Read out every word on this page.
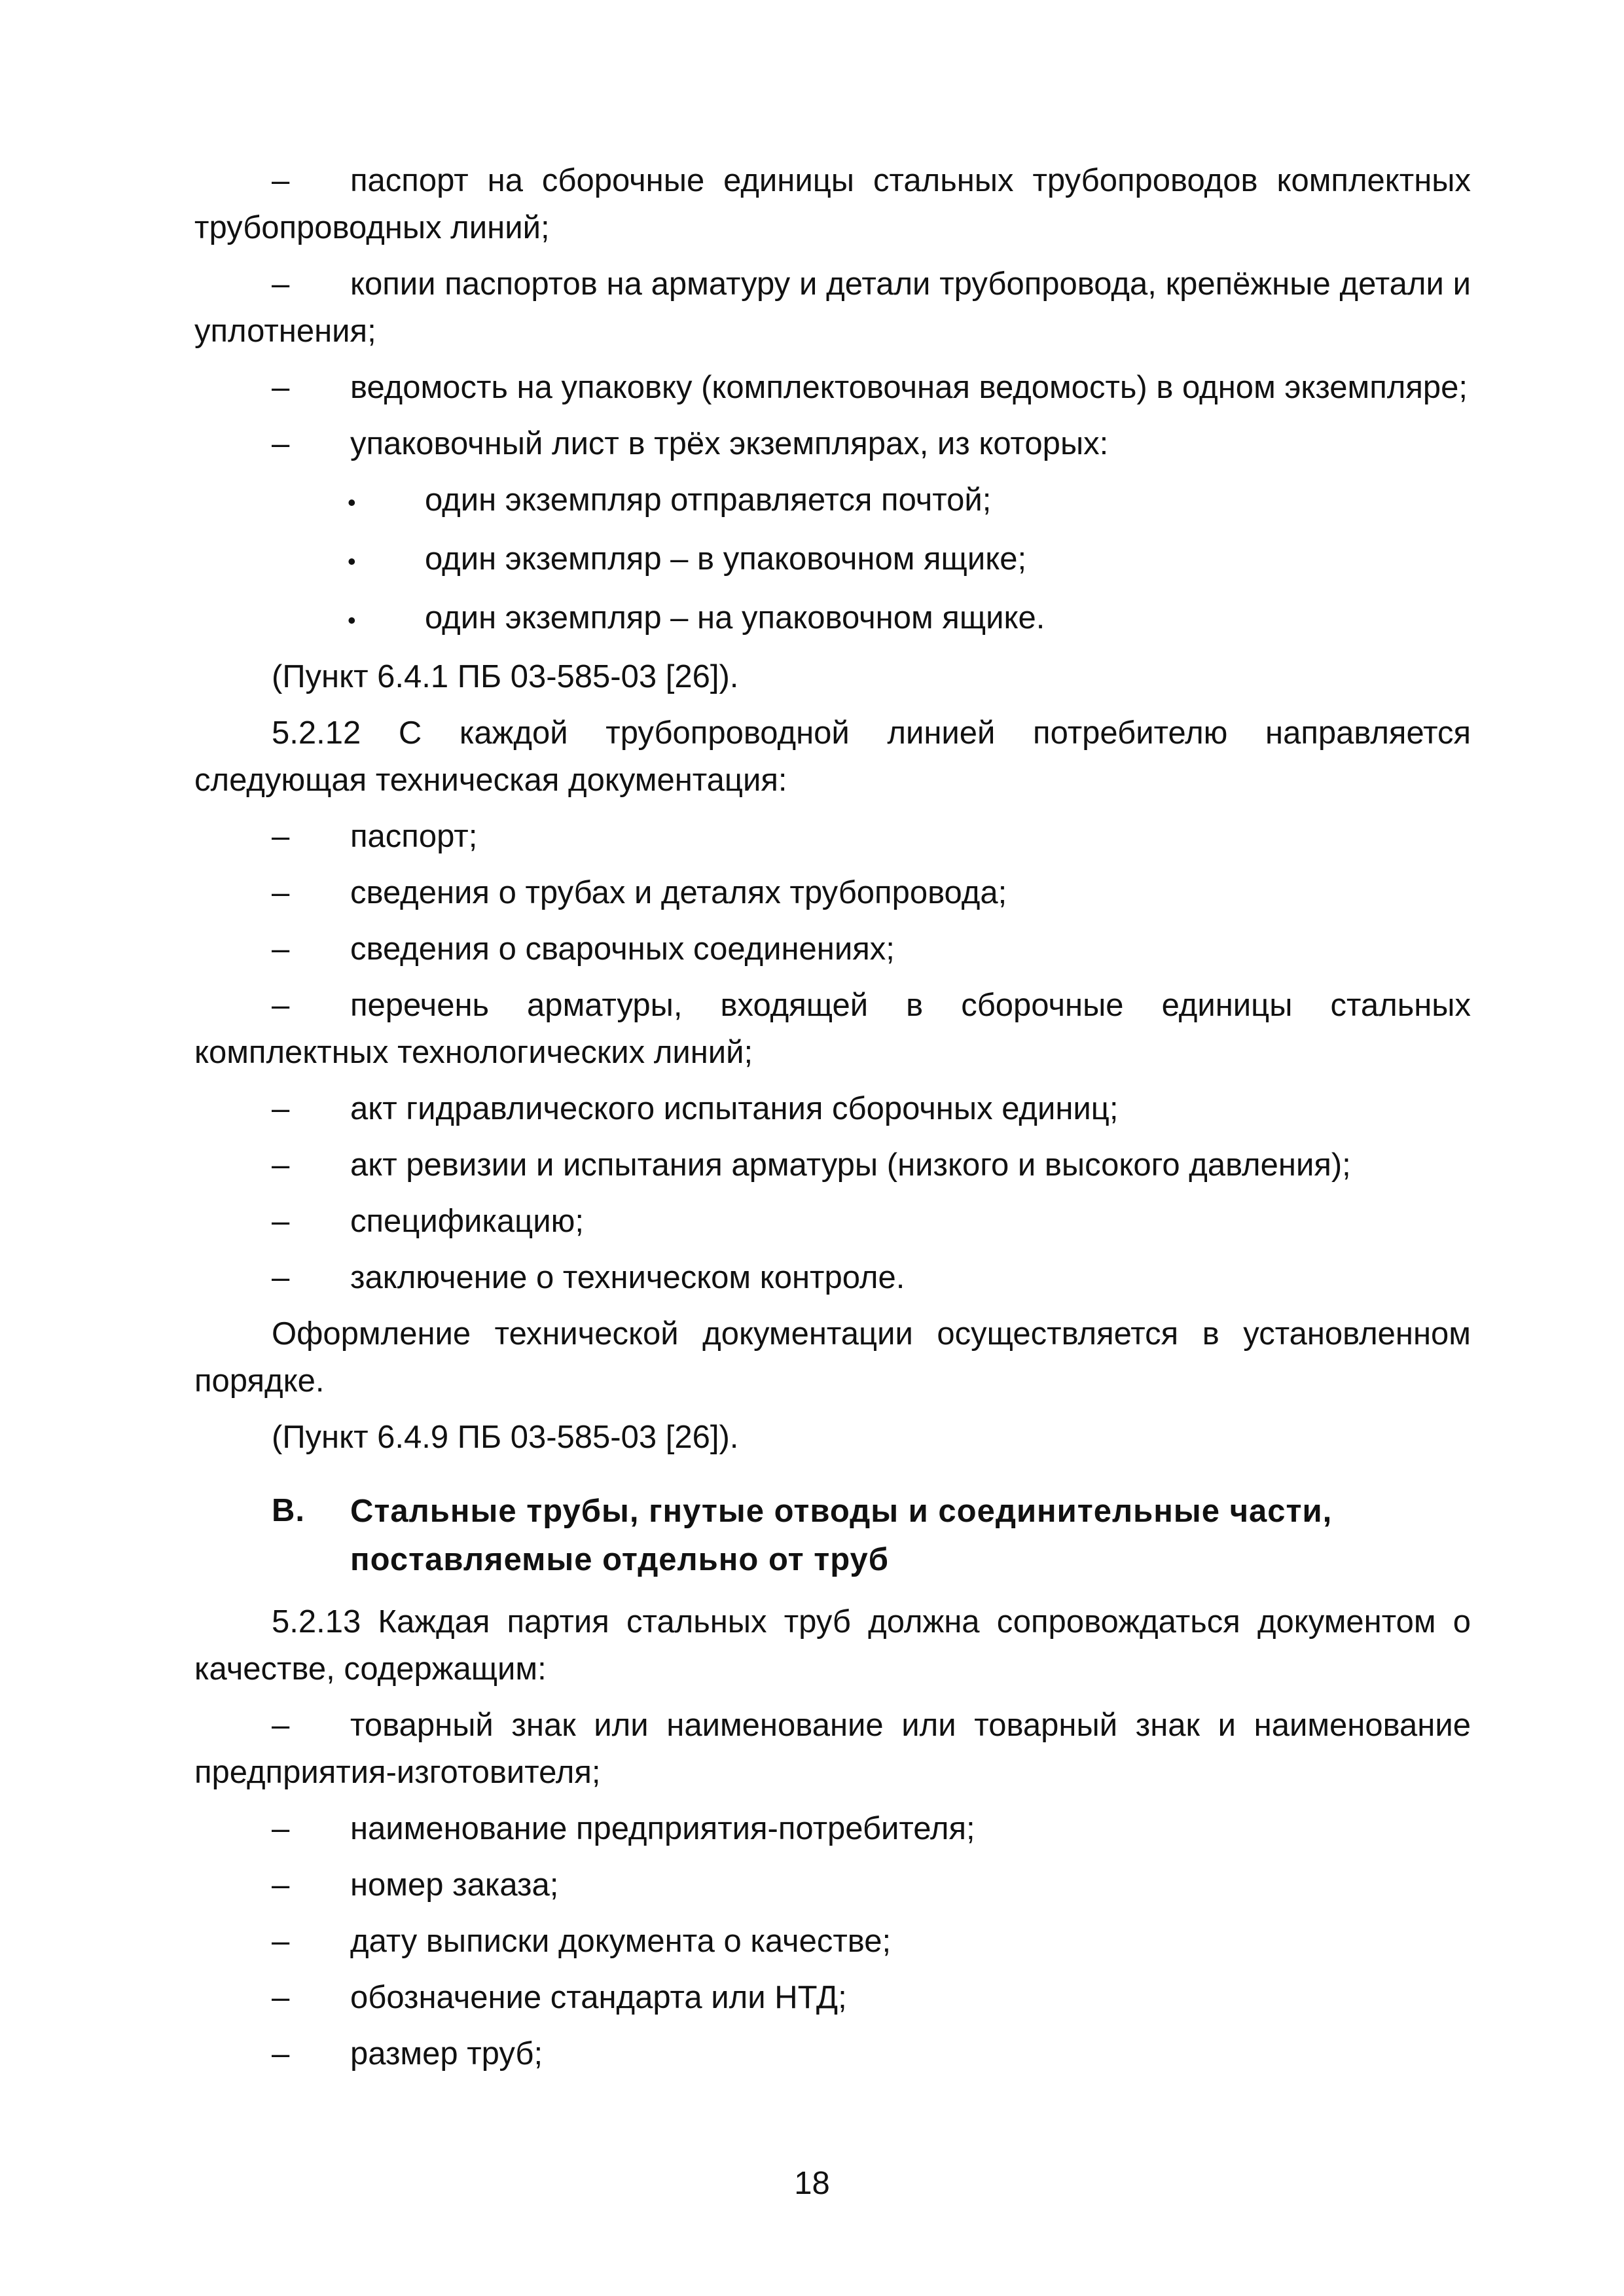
– паспорт на сборочные единицы стальных трубопроводов комплектных трубопроводных линий;
– копии паспортов на арматуру и детали трубопровода, крепёжные детали и уплотнения;
– ведомость на упаковку (комплектовочная ведомость) в одном экземпляре;
–	упаковочный лист в трёх экземплярах, из которых:
•	один экземпляр отправляется почтой;
•	один экземпляр – в упаковочном ящике;
•	один экземпляр – на упаковочном ящике.

(Пункт 6.4.1 ПБ 03-585-03 [26]).

5.2.12 С каждой трубопроводной линией потребителю направляется следующая техническая документация:

–	паспорт;
–	сведения о трубах и деталях трубопровода;
–	сведения о сварочных соединениях;
– перечень арматуры, входящей в сборочные единицы стальных комплектных технологических линий;
–	акт гидравлического испытания сборочных единиц;
–	акт ревизии и испытания арматуры (низкого и высокого давления);
–	спецификацию;
–	заключение о техническом контроле.

Оформление технической документации осуществляется в установленном порядке.

(Пункт 6.4.9 ПБ 03-585-03 [26]).

В.	Стальные трубы, гнутые отводы и соединительные части, поставляемые отдельно от труб

5.2.13 Каждая партия стальных труб должна сопровождаться документом о качестве, содержащим:

– товарный знак или наименование или товарный знак и наименование предприятия-изготовителя;
–	наименование предприятия-потребителя;
–	номер заказа;
–	дату выписки документа о качестве;
–	обозначение стандарта или НТД;
–	размер труб;
18
